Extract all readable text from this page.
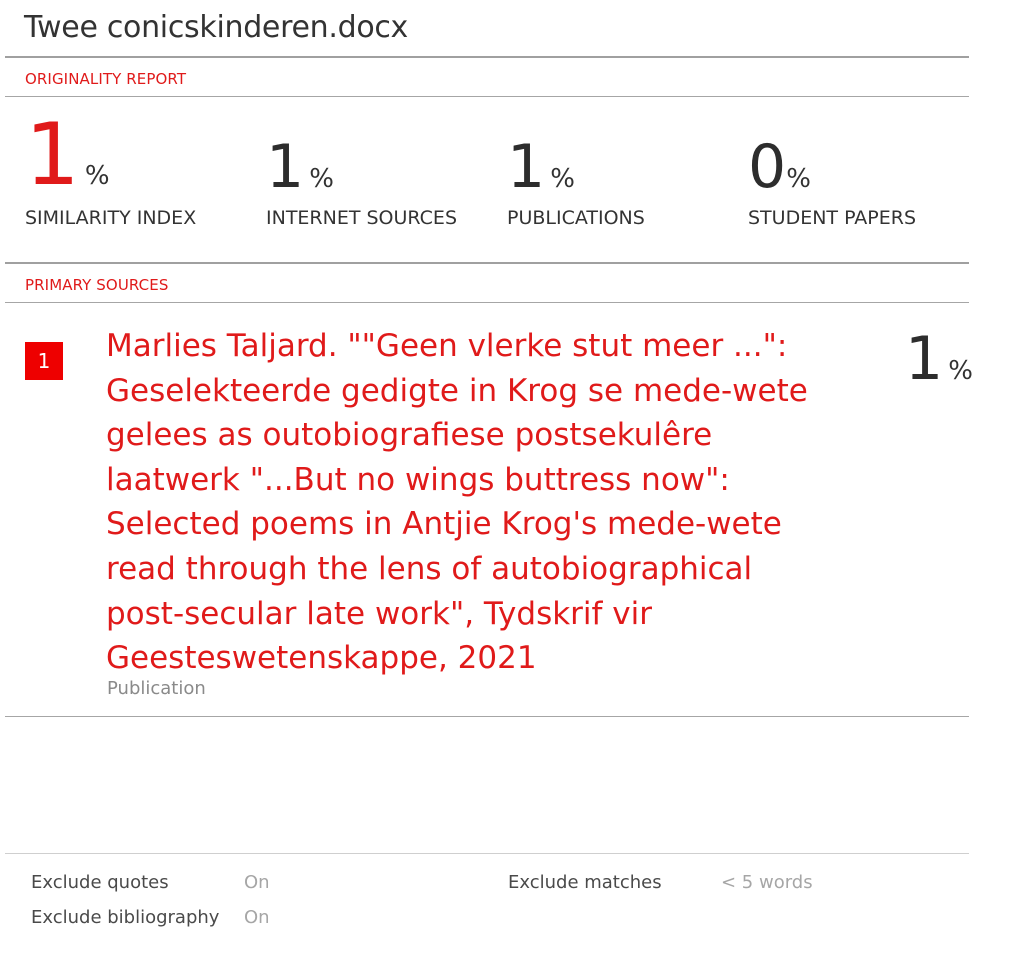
Twee conicskinderen.docx
ORIGINALITY REPORT
1 %
SIMILARITY INDEX
1 %
INTERNET SOURCES
1 %
PUBLICATIONS
0%
STUDENT PAPERS
PRIMARY SOURCES
1	Marlies Taljard. ""Geen vlerke stut meer ...": Geselekteerde gedigte in Krog se mede-wete gelees as outobiografiese postsekulêre laatwerk "...But no wings buttress now": Selected poems in Antjie Krog's mede-wete read through the lens of autobiographical post-secular late work", Tydskrif vir Geesteswetenskappe, 2021
Publication
1 %
Exclude quotes	On
Exclude bibliography On
Exclude matches	< 5 words
